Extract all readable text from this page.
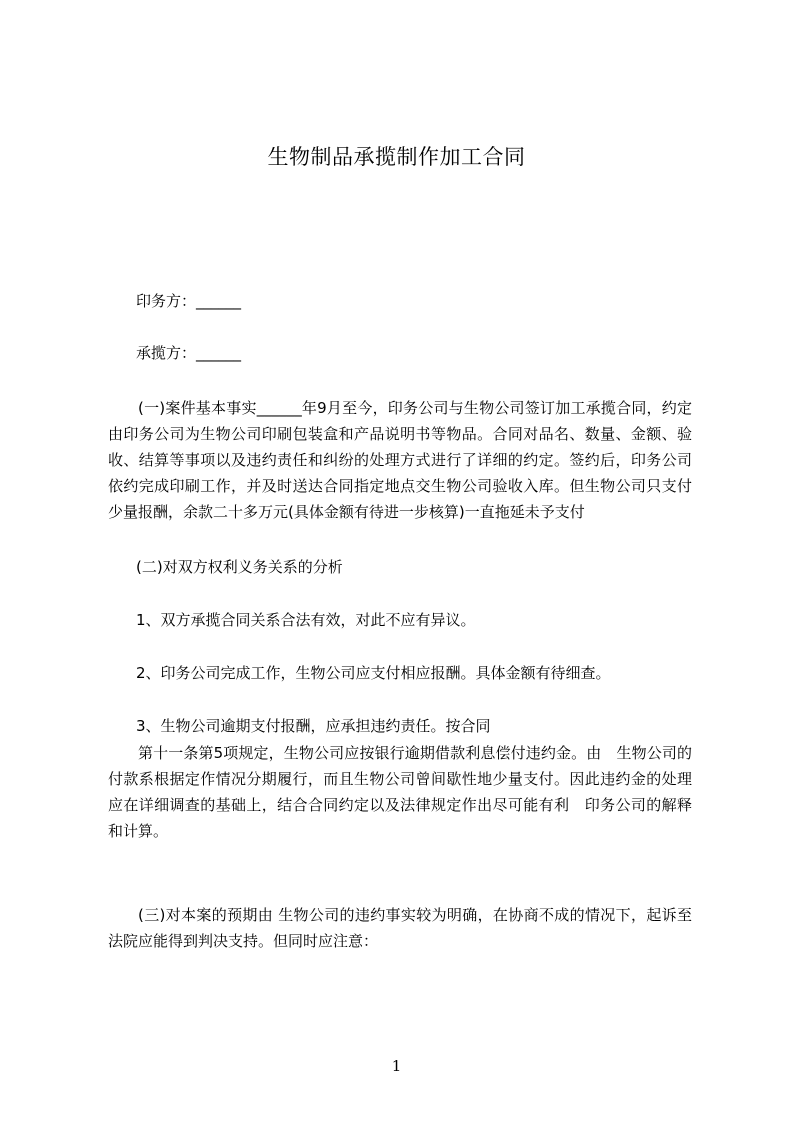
生物制品承揽制作加工合同
印务方：______
承揽方：______
(一)案件基本事实______年9月至今，印务公司与生物公司签订加工承揽合同，约定由印务公司为生物公司印刷包装盒和产品说明书等物品。合同对品名、数量、金额、验收、结算等事项以及违约责任和纠纷的处理方式进行了详细的约定。签约后，印务公司依约完成印刷工作，并及时送达合同指定地点交生物公司验收入库。但生物公司只支付少量报酬，余款二十多万元(具体金额有待进一步核算)一直拖延未予支付
(二)对双方权利义务关系的分析
1、双方承揽合同关系合法有效，对此不应有异议。
2、印务公司完成工作，生物公司应支付相应报酬。具体金额有待细查。
3、生物公司逾期支付报酬，应承担违约责任。按合同
第十一条第5项规定，生物公司应按银行逾期借款利息偿付违约金。由　生物公司的付款系根据定作情况分期履行，而且生物公司曾间歇性地少量支付。因此违约金的处理应在详细调查的基础上，结合合同约定以及法律规定作出尽可能有利　印务公司的解释和计算。
(三)对本案的预期由 生物公司的违约事实较为明确，在协商不成的情况下，起诉至法院应能得到判决支持。但同时应注意：
1
